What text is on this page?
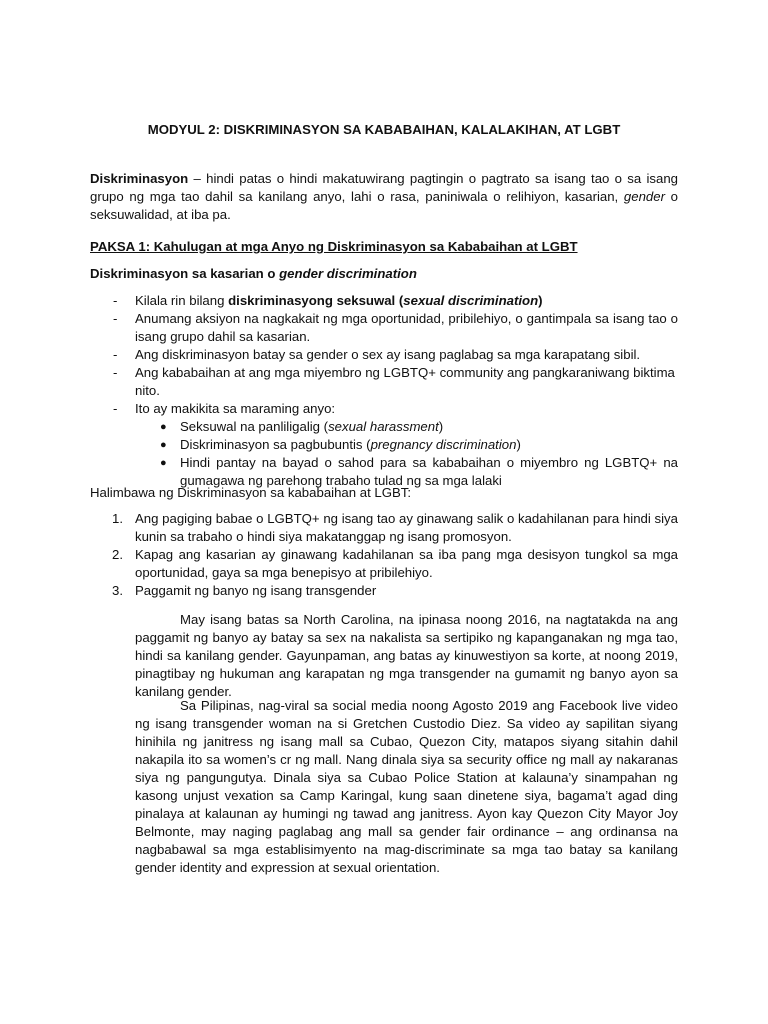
MODYUL 2: DISKRIMINASYON SA KABABAIHAN, KALALAKIHAN, AT LGBT

Diskriminasyon – hindi patas o hindi makatuwirang pagtingin o pagtrato sa isang tao o sa isang grupo ng mga tao dahil sa kanilang anyo, lahi o rasa, paniniwala o relihiyon, kasarian, gender o seksuwalidad, at iba pa.

PAKSA 1: Kahulugan at mga Anyo ng Diskriminasyon sa Kababaihan at LGBT
Diskriminasyon sa kasarian o gender discrimination
- Kilala rin bilang diskriminasyong seksuwal (sexual discrimination)
- Anumang aksiyon na nagkakait ng mga oportunidad, pribilehiyo, o gantimpala sa isang tao o isang grupo dahil sa kasarian.
- Ang diskriminasyon batay sa gender o sex ay isang paglabag sa mga karapatang sibil.
- Ang kababaihan at ang mga miyembro ng LGBTQ+ community ang pangkaraniwang biktima nito.
- Ito ay makikita sa maraming anyo:
● Seksuwal na panliligalig (sexual harassment)
● Diskriminasyon sa pagbubuntis (pregnancy discrimination)
● Hindi pantay na bayad o sahod para sa kababaihan o miyembro ng LGBTQ+ na gumagawa ng parehong trabaho tulad ng sa mga lalaki
Halimbawa ng Diskriminasyon sa kababaihan at LGBT:
1. Ang pagiging babae o LGBTQ+ ng isang tao ay ginawang salik o kadahilanan para hindi siya kunin sa trabaho o hindi siya makatanggap ng isang promosyon.
2. Kapag ang kasarian ay ginawang kadahilanan sa iba pang mga desisyon tungkol sa mga oportunidad, gaya sa mga benepisyo at pribilehiyo.
3. Paggamit ng banyo ng isang transgender

May isang batas sa North Carolina, na ipinasa noong 2016, na nagtatakda na ang paggamit ng banyo ay batay sa sex na nakalista sa sertipiko ng kapanganakan ng mga tao, hindi sa kanilang gender. Gayunpaman, ang batas ay kinuwestiyon sa korte, at noong 2019, pinagtibay ng hukuman ang karapatan ng mga transgender na gumamit ng banyo ayon sa kanilang gender.

Sa Pilipinas, nag-viral sa social media noong Agosto 2019 ang Facebook live video ng isang transgender woman na si Gretchen Custodio Diez. Sa video ay sapilitan siyang hinihila ng janitress ng isang mall sa Cubao, Quezon City, matapos siyang sitahin dahil nakapila ito sa women’s cr ng mall. Nang dinala siya sa security office ng mall ay nakaranas siya ng pangungutya. Dinala siya sa Cubao Police Station at kalauna’y sinampahan ng kasong unjust vexation sa Camp Karingal, kung saan dinetene siya, bagama’t agad ding pinalaya at kalaunan ay humingi ng tawad ang janitress. Ayon kay Quezon City Mayor Joy Belmonte, may naging paglabag ang mall sa gender fair ordinance – ang ordinansa na nagbabawal sa mga establisimyento na mag-discriminate sa mga tao batay sa kanilang gender identity and expression at sexual orientation.
